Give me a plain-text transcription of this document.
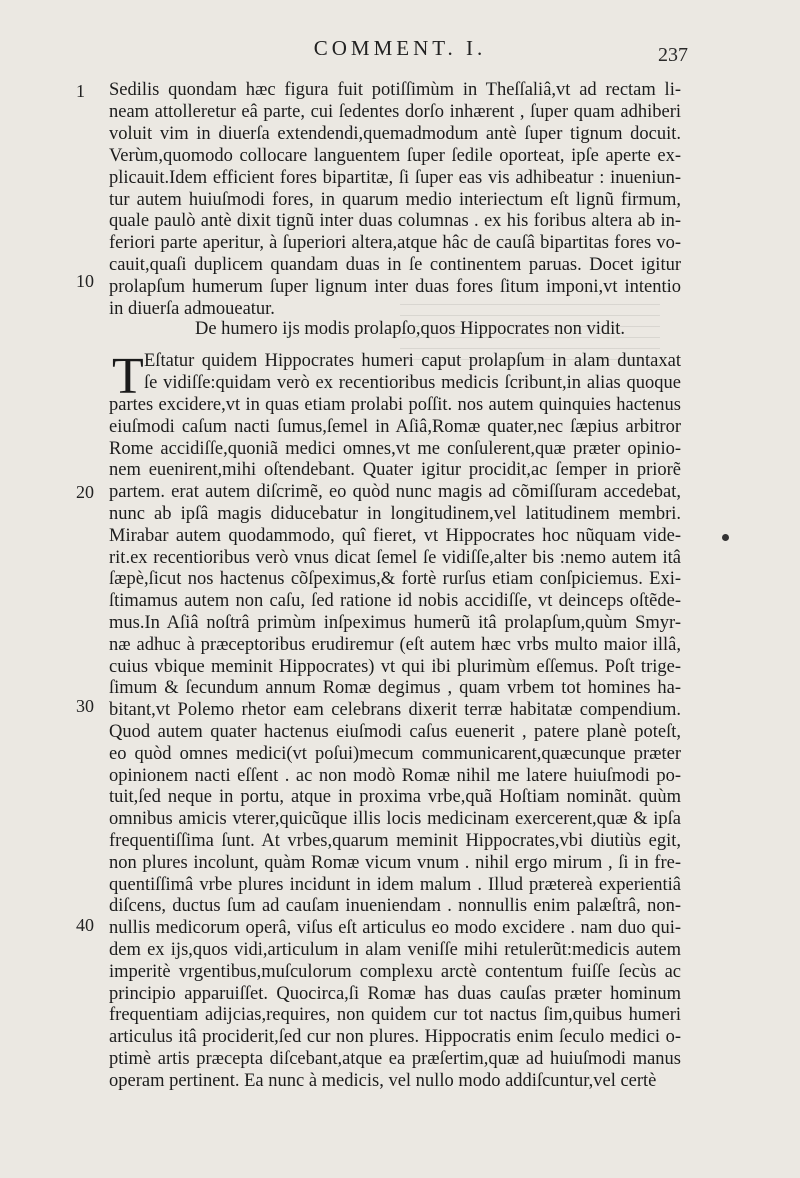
COMMENT. I.	237
Sedilis quondam hæc figura fuit potiſſimùm in Theſſaliâ,vt ad rectam li-
neam attolleretur eâ parte, cui ſedentes dorſo inhærent , ſuper quam adhiberi
voluit vim in diuerſa extendendi,quemadmodum antè ſuper tignum docuit.
Verùm,quomodo collocare languentem ſuper ſedile oporteat, ipſe aperte ex-
plicauit.Idem efficient fores bipartitæ, ſi ſuper eas vis adhibeatur : inueniun-
tur autem huiuſmodi fores, in quarum medio interiectum eſt lignũ firmum,
quale paulò antè dixit tignũ inter duas columnas . ex his foribus altera ab in-
feriori parte aperitur, à ſuperiori altera,atque hâc de cauſâ bipartitas fores vo-
cauit,quaſi duplicem quandam duas in ſe continentem paruas. Docet igitur
prolapſum humerum ſuper lignum inter duas fores ſitum imponi,vt intentio
in diuerſa admoueatur.
De humero ijs modis prolapſo,quos Hippocrates non vidit.
T Eſtatur quidem Hippocrates humeri caput prolapſum in alam duntaxat
ſe vidiſſe:quidam verò ex recentioribus medicis ſcribunt,in alias quoque
partes excidere,vt in quas etiam prolabi poſſit. nos autem quinquies hactenus
eiuſmodi caſum nacti ſumus,ſemel in Aſiâ,Romæ quater,nec ſæpius arbitror
Rome accidiſſe,quoniã medici omnes,vt me conſulerent,quæ præter opinio-
nem euenirent,mihi oſtendebant. Quater igitur procidit,ac ſemper in priorẽ
partem. erat autem diſcrimẽ, eo quòd nunc magis ad cõmiſſuram accedebat,
nunc ab ipſâ magis diducebatur in longitudinem,vel latitudinem membri.
Mirabar autem quodammodo, quî fieret, vt Hippocrates hoc nũquam vide-
rit.ex recentioribus verò vnus dicat ſemel ſe vidiſſe,alter bis :nemo autem itâ
ſæpè,ſicut nos hactenus cõſpeximus,& fortè rurſus etiam conſpiciemus. Exi-
ſtimamus autem non caſu, ſed ratione id nobis accidiſſe, vt deinceps oſtẽde-
mus.In Aſiâ noſtrâ primùm inſpeximus humerũ itâ prolapſum,quùm Smyr-
næ adhuc à præceptoribus erudiremur (eſt autem hæc vrbs multo maior illâ,
cuius vbique meminit Hippocrates) vt qui ibi plurimùm eſſemus. Poſt trige-
ſimum & ſecundum annum Romæ degimus , quam vrbem tot homines ha-
bitant,vt Polemo rhetor eam celebrans dixerit terræ habitatæ compendium.
Quod autem quater hactenus eiuſmodi caſus euenerit , patere planè poteſt,
eo quòd omnes medici(vt poſui)mecum communicarent,quæcunque præter
opinionem nacti eſſent . ac non modò Romæ nihil me latere huiuſmodi po-
tuit,ſed neque in portu, atque in proxima vrbe,quã Hoſtiam nominãt. quùm
omnibus amicis vterer,quicũque illis locis medicinam exercerent,quæ & ipſa
frequentiſſima ſunt. At vrbes,quarum meminit Hippocrates,vbi diutiùs egit,
non plures incolunt, quàm Romæ vicum vnum . nihil ergo mirum , ſi in fre-
quentiſſimâ vrbe plures incidunt in idem malum . Illud prætereà experientiâ
diſcens, ductus ſum ad cauſam inueniendam . nonnullis enim palæſtrâ, non-
nullis medicorum operâ, viſus eſt articulus eo modo excidere . nam duo qui-
dem ex ijs,quos vidi,articulum in alam veniſſe mihi retulerũt:medicis autem
imperitè vrgentibus,muſculorum complexu arctè contentum fuiſſe ſecùs ac
principio apparuiſſet. Quocirca,ſi Romæ has duas cauſas præter hominum
frequentiam adijcias,requires, non quidem cur tot nactus ſim,quibus humeri
articulus itâ prociderit,ſed cur non plures. Hippocratis enim ſeculo medici o-
ptimè artis præcepta diſcebant,atque ea præſertim,quæ ad huiuſmodi manus
operam pertinent. Ea nunc à medicis, vel nullo modo addiſcuntur,vel certè
1
10
20
30
40
